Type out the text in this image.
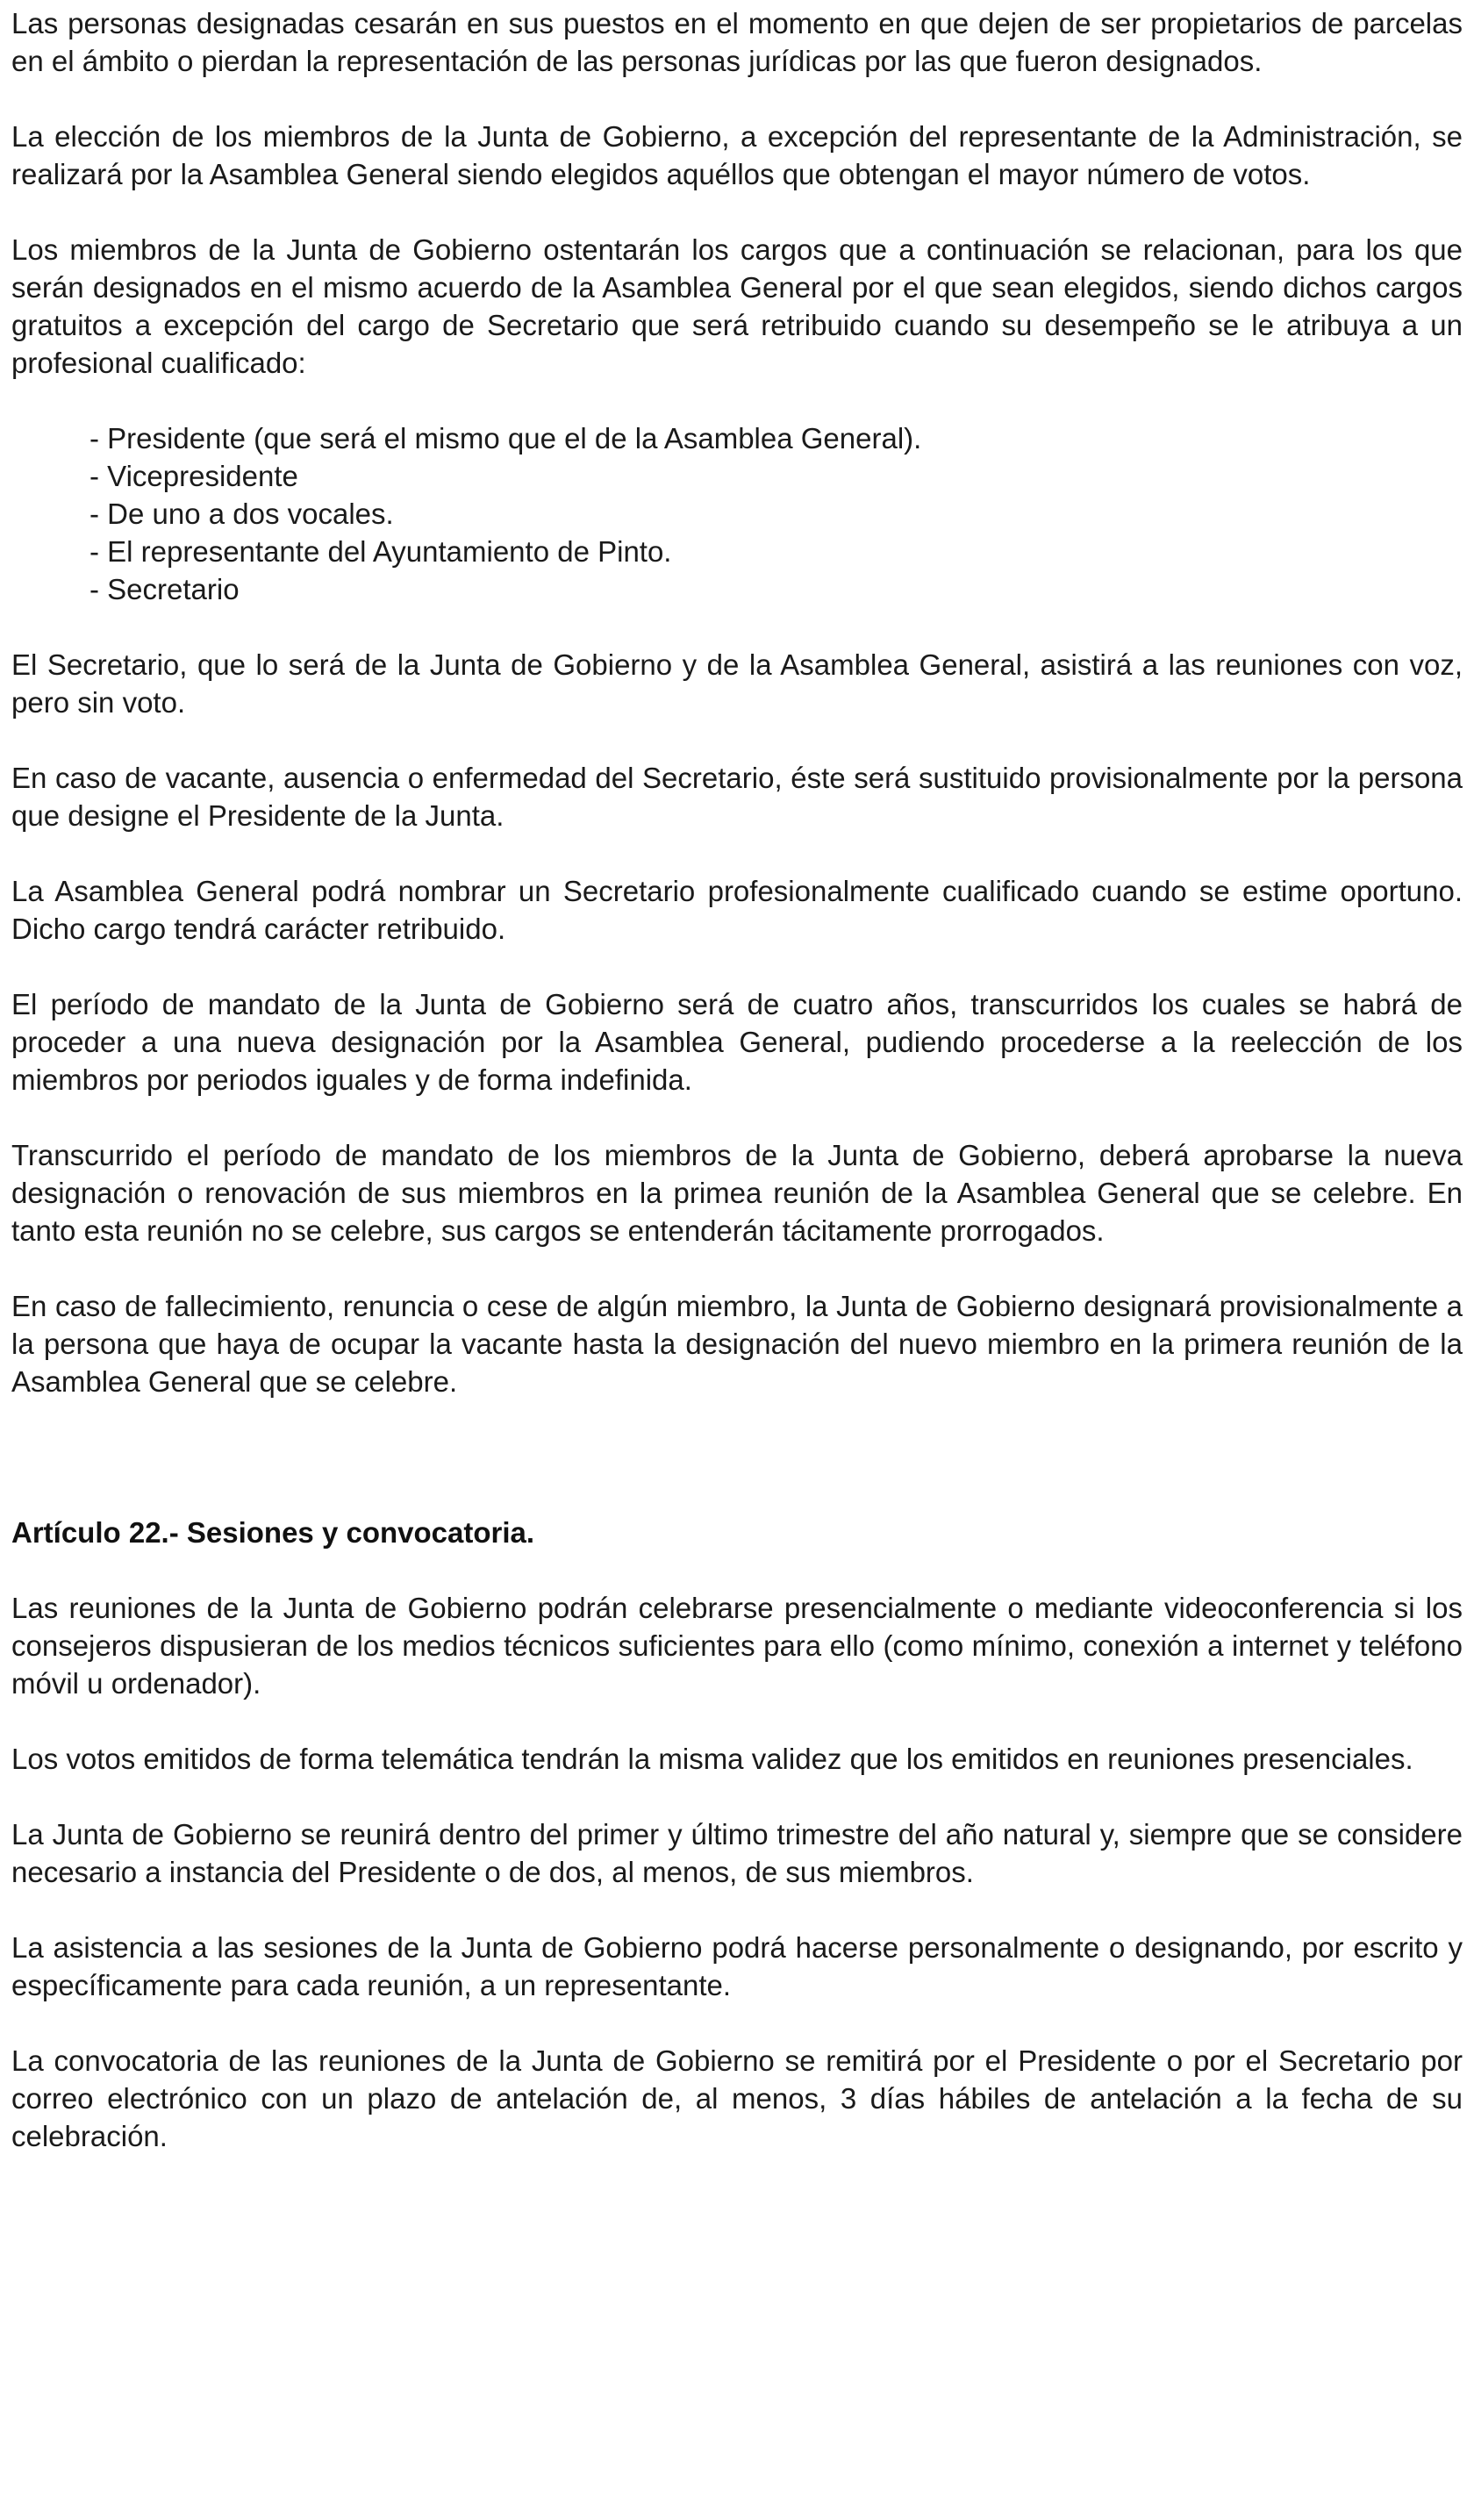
Las personas designadas cesarán en sus puestos en el momento en que dejen de ser propietarios de parcelas en el ámbito o pierdan la representación de las personas jurídicas por las que fueron designados.

La elección de los miembros de la Junta de Gobierno, a excepción del representante de la Administración, se realizará por la Asamblea General siendo elegidos aquéllos que obtengan el mayor número de votos.

Los miembros de la Junta de Gobierno ostentarán los cargos que a continuación se relacionan, para los que serán designados en el mismo acuerdo de la Asamblea General por el que sean elegidos, siendo dichos cargos gratuitos a excepción del cargo de Secretario que será retribuido cuando su desempeño se le atribuya a un profesional cualificado:

- Presidente (que será el mismo que el de la Asamblea General).
- Vicepresidente
- De uno a dos vocales.
- El representante del Ayuntamiento de Pinto.
- Secretario

El Secretario, que lo será de la Junta de Gobierno y de la Asamblea General, asistirá a las reuniones con voz, pero sin voto.

En caso de vacante, ausencia o enfermedad del Secretario, éste será sustituido provisionalmente por la persona que designe el Presidente de la Junta.

La Asamblea General podrá nombrar un Secretario profesionalmente cualificado cuando se estime oportuno. Dicho cargo tendrá carácter retribuido.

El período de mandato de la Junta de Gobierno será de cuatro años, transcurridos los cuales se habrá de proceder a una nueva designación por la Asamblea General, pudiendo procederse a la reelección de los miembros por periodos iguales y de forma indefinida.

Transcurrido el período de mandato de los miembros de la Junta de Gobierno, deberá aprobarse la nueva designación o renovación de sus miembros en la primea reunión de la Asamblea General que se celebre. En tanto esta reunión no se celebre, sus cargos se entenderán tácitamente prorrogados.

En caso de fallecimiento, renuncia o cese de algún miembro, la Junta de Gobierno designará provisionalmente a la persona que haya de ocupar la vacante hasta la designación del nuevo miembro en la primera reunión de la Asamblea General que se celebre.

Artículo 22.- Sesiones y convocatoria.

Las reuniones de la Junta de Gobierno podrán celebrarse presencialmente o mediante videoconferencia si los consejeros dispusieran de los medios técnicos suficientes para ello (como mínimo, conexión a internet y teléfono móvil u ordenador).

Los votos emitidos de forma telemática tendrán la misma validez que los emitidos en reuniones presenciales.

La Junta de Gobierno se reunirá dentro del primer y último trimestre del año natural y, siempre que se considere necesario a instancia del Presidente o de dos, al menos, de sus miembros.

La asistencia a las sesiones de la Junta de Gobierno podrá hacerse personalmente o designando, por escrito y específicamente para cada reunión, a un representante.

La convocatoria de las reuniones de la Junta de Gobierno se remitirá por el Presidente o por el Secretario por correo electrónico con un plazo de antelación de, al menos, 3 días hábiles de antelación a la fecha de su celebración.
